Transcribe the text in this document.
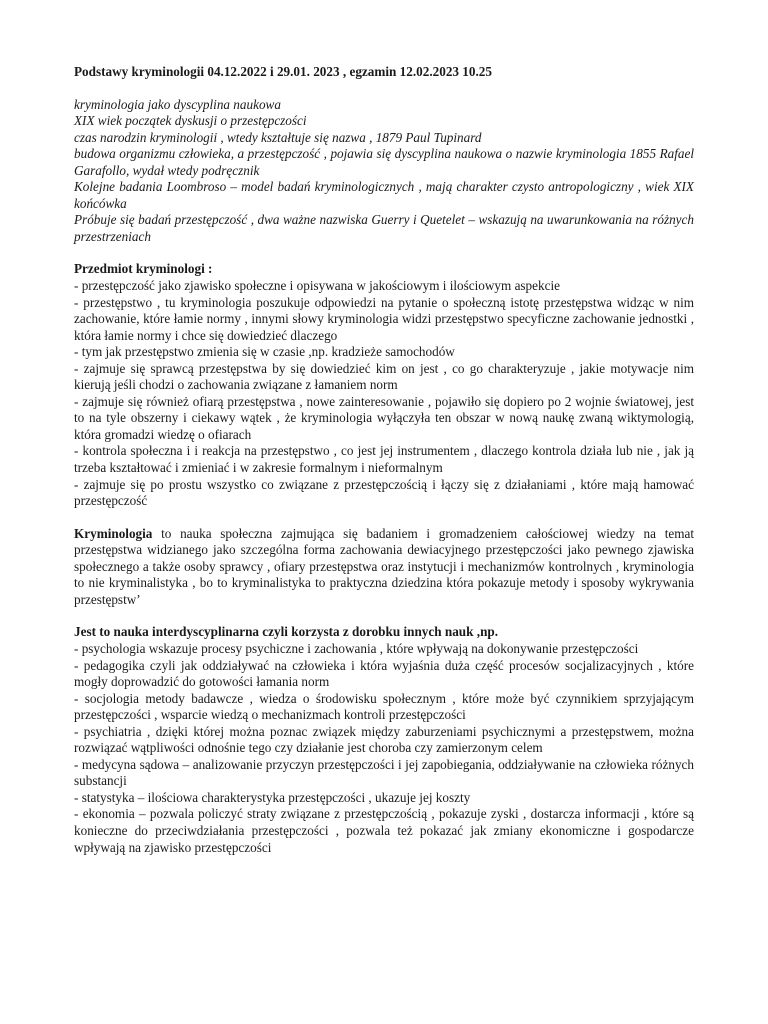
Podstawy kryminologii 04.12.2022 i 29.01. 2023 , egzamin 12.02.2023 10.25

kryminologia jako dyscyplina naukowa
XIX wiek początek dyskusji o przestępczości
czas narodzin kryminologii , wtedy kształtuje się nazwa , 1879 Paul Tupinard
budowa organizmu człowieka, a przestępczość , pojawia się dyscyplina naukowa o nazwie kryminologia 1855 Rafael Garafollo, wydał wtedy podręcznik
Kolejne badania Loombroso – model badań kryminologicznych , mają charakter czysto antropologiczny , wiek XIX końcówka
Próbuje się badań przestępczość , dwa ważne nazwiska Guerry i Quetelet – wskazują na uwarunkowania na różnych przestrzeniach
Przedmiot kryminologi :

- przestępczość jako zjawisko społeczne i opisywana w jakościowym i ilościowym aspekcie

- przestępstwo , tu kryminologia poszukuje odpowiedzi na pytanie o społeczną istotę przestępstwa widząc w nim zachowanie, które łamie normy , innymi słowy kryminologia widzi przestępstwo specyficzne zachowanie jednostki , która łamie normy i chce się dowiedzieć dlaczego

- tym jak przestępstwo zmienia się w czasie ,np. kradzieże samochodów

- zajmuje się sprawcą przestępstwa by się dowiedzieć kim on jest , co go charakteryzuje , jakie motywacje nim kierują jeśli chodzi o zachowania związane z łamaniem norm

- zajmuje się również ofiarą przestępstwa , nowe zainteresowanie , pojawiło się dopiero po 2 wojnie światowej, jest to na tyle obszerny i ciekawy wątek , że kryminologia wyłączyła ten obszar w nową naukę zwaną wiktymologią, która gromadzi wiedzę o ofiarach

- kontrola społeczna i i reakcja na przestępstwo , co jest jej instrumentem , dlaczego kontrola działa lub nie , jak ją trzeba kształtować i zmieniać i w zakresie formalnym i nieformalnym

- zajmuje się po prostu wszystko co związane z przestępczością i łączy się z działaniami , które mają hamować przestępczość

Kryminologia to nauka społeczna zajmująca się badaniem i gromadzeniem całościowej wiedzy na temat przestępstwa widzianego jako szczególna forma zachowania dewiacyjnego przestępczości jako pewnego zjawiska społecznego a także osoby sprawcy , ofiary przestępstwa oraz instytucji i mechanizmów kontrolnych , kryminologia to nie kryminalistyka , bo to kryminalistyka to praktyczna dziedzina która pokazuje metody i sposoby wykrywania przestępstw’

Jest to nauka interdyscyplinarna czyli korzysta z dorobku innych nauk ,np.

- psychologia wskazuje procesy psychiczne i zachowania , które wpływają na dokonywanie przestępczości

- pedagogika czyli jak oddziaływać na człowieka i która wyjaśnia duża część procesów socjalizacyjnych , które mogły doprowadzić do gotowości łamania norm

- socjologia metody badawcze , wiedza o środowisku społecznym , które może być czynnikiem sprzyjającym przestępczości , wsparcie wiedzą o mechanizmach kontroli przestępczości

- psychiatria , dzięki której można poznac związek między zaburzeniami psychicznymi a przestępstwem, można rozwiązać wątpliwości odnośnie tego czy działanie jest choroba czy zamierzonym celem

- medycyna sądowa – analizowanie przyczyn przestępczości i jej zapobiegania, oddziaływanie na człowieka różnych substancji

- statystyka – ilościowa charakterystyka przestępczości , ukazuje jej koszty

- ekonomia – pozwala policzyć straty związane z przestępczością , pokazuje zyski , dostarcza informacji , które są konieczne do przeciwdziałania przestępczości , pozwala też pokazać jak zmiany ekonomiczne i gospodarcze wpływają na zjawisko przestępczości
